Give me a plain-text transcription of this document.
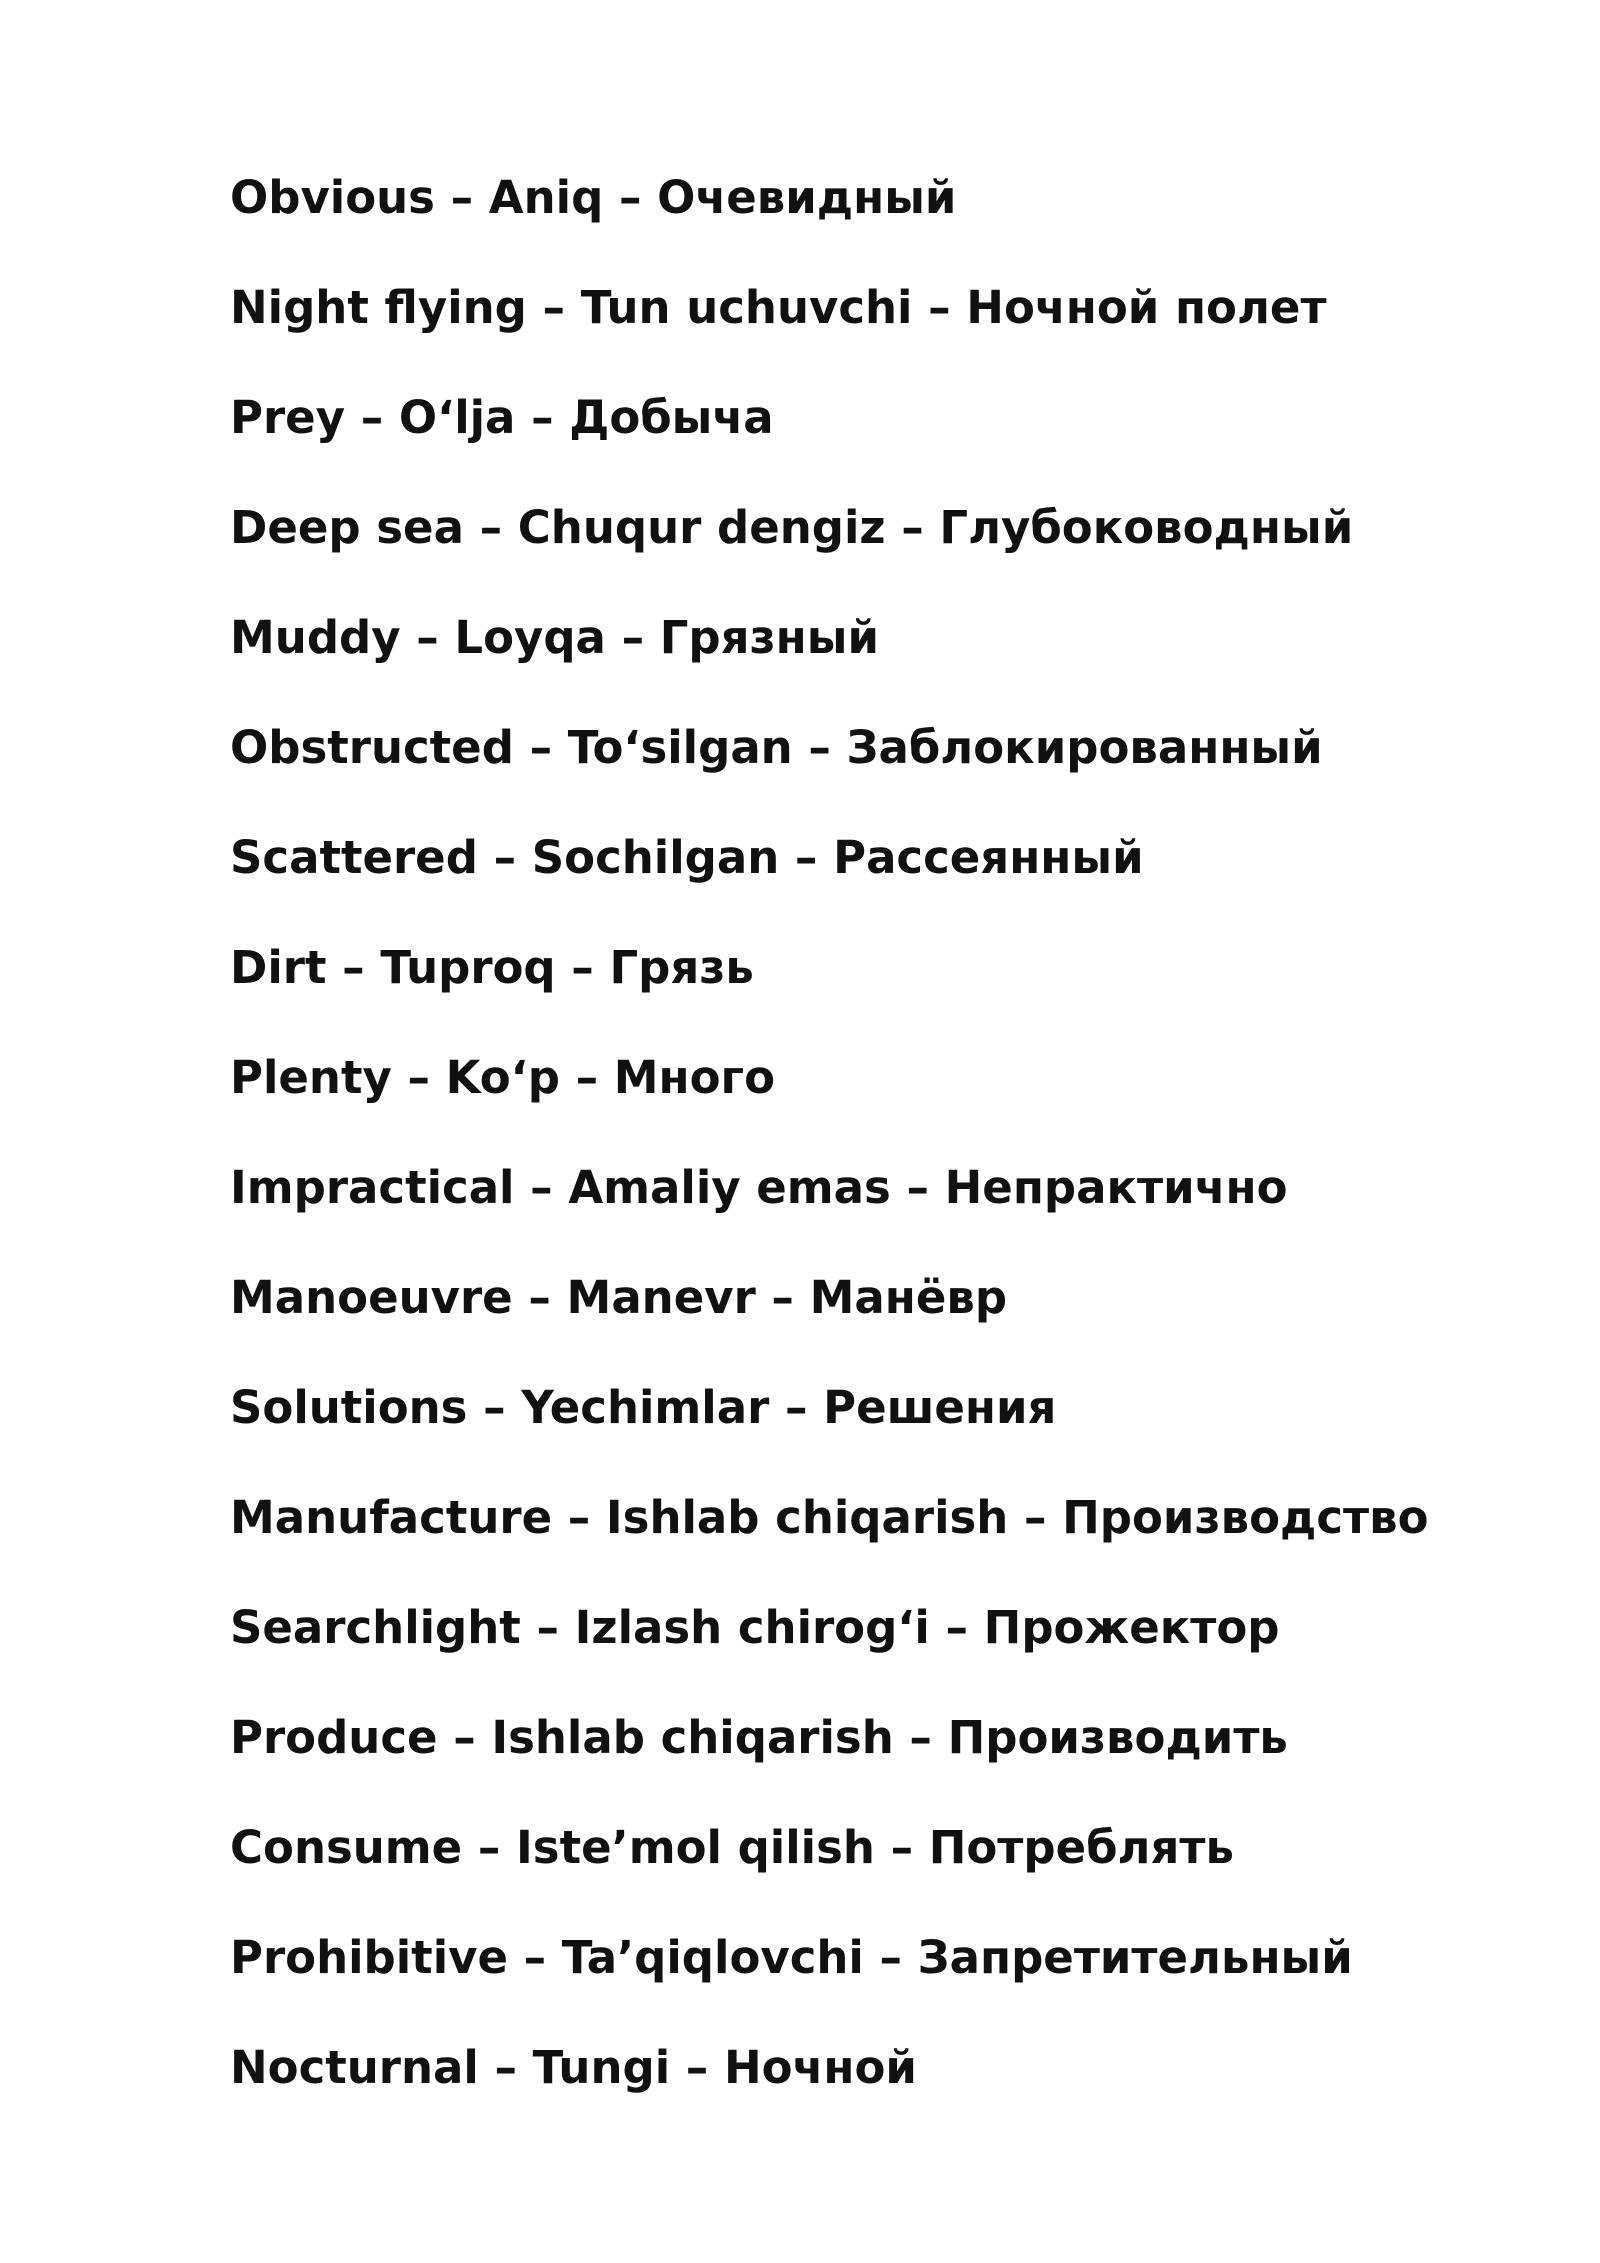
Obvious – Aniq – Очевидный
Night flying – Tun uchuvchi – Ночной полет
Prey – O‘lja – Добыча
Deep sea – Chuqur dengiz – Глубоководный
Muddy – Loyqa – Грязный
Obstructed – To‘silgan – Заблокированный
Scattered – Sochilgan – Рассеянный
Dirt – Tuproq – Грязь
Plenty – Ko‘p – Много
Impractical – Amaliy emas – Непрактично
Manoeuvre – Manevr – Манёвр
Solutions – Yechimlar – Решения
Manufacture – Ishlab chiqarish – Производство
Searchlight – Izlash chirog‘i – Прожектор
Produce – Ishlab chiqarish – Производить
Consume – Iste’mol qilish – Потреблять
Prohibitive – Ta’qiqlovchi – Запретительный
Nocturnal – Tungi – Ночной
